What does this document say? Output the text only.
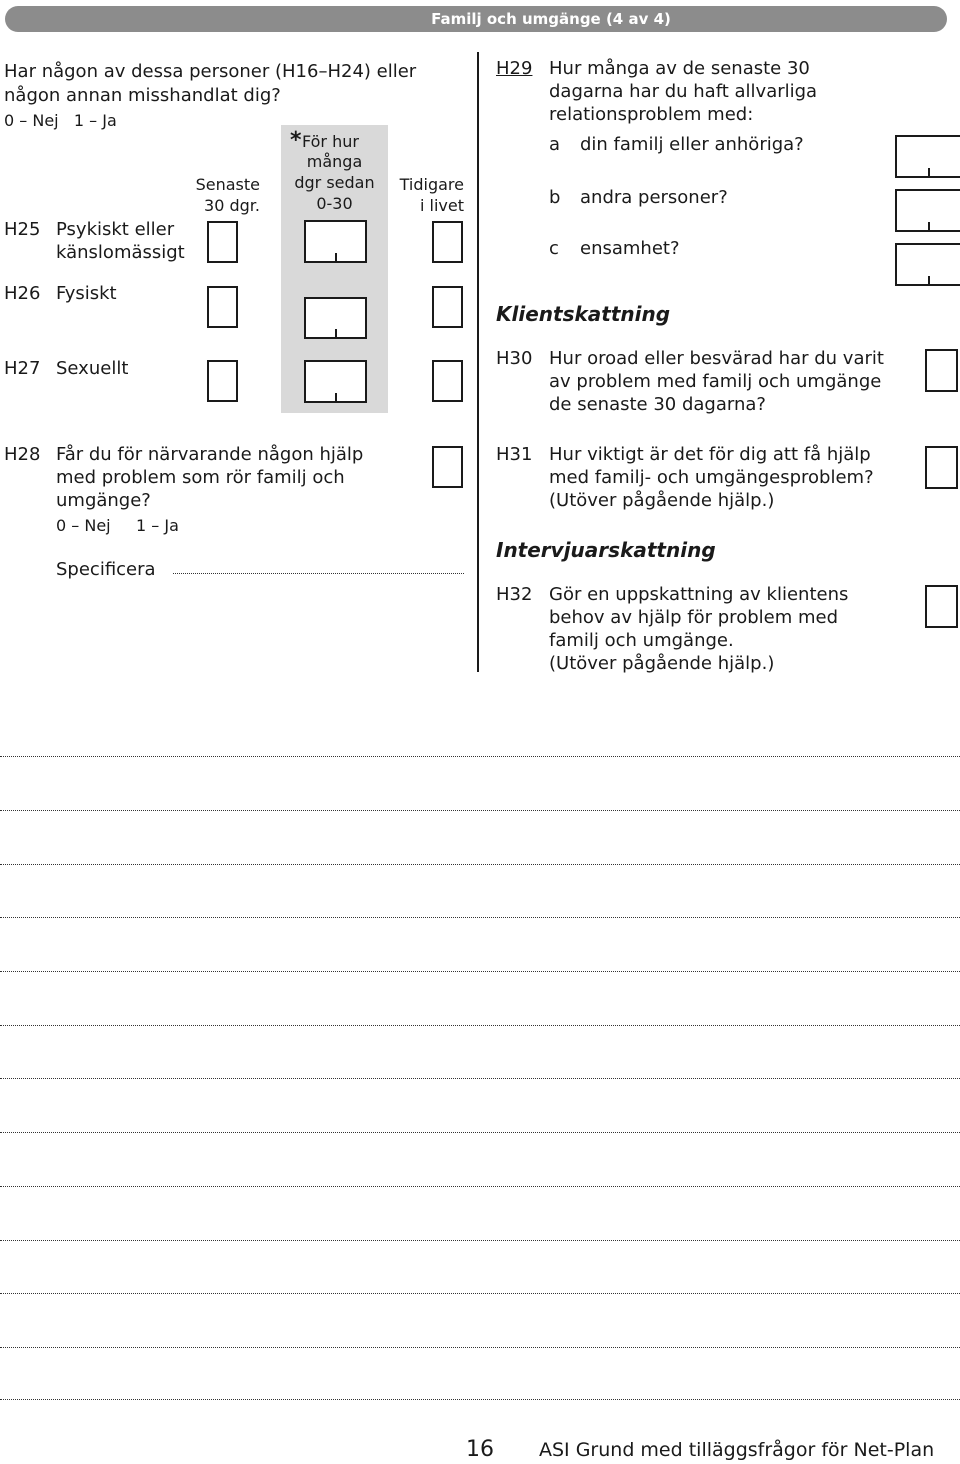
Familj och umgänge (4 av 4)
Har någon av dessa personer (H16–H24) eller
någon annan misshandlat dig?
0 – Nej   1 – Ja
Senaste
30 dgr.
* För hur
många
dgr sedan
0-30
Tidigare
i livet
H25 Psykiskt eller
känslomässigt
H26 Fysiskt
H27 Sexuellt
H28 Får du för närvarande någon hjälp
med problem som rör familj och
umgänge?
0 – Nej     1 – Ja
Specificera
H29 Hur många av de senaste 30
dagarna har du haft allvarliga
relationsproblem med:
a din familj eller anhöriga?
b andra personer?
c ensamhet?
Klientskattning
H30 Hur oroad eller besvärad har du varit
av problem med familj och umgänge
de senaste 30 dagarna?
H31 Hur viktigt är det för dig att få hjälp
med familj- och umgängesproblem?
(Utöver pågående hjälp.)
Intervjuarskattning
H32 Gör en uppskattning av klientens
behov av hjälp för problem med
familj och umgänge.
(Utöver pågående hjälp.)
16 ASI Grund med tilläggsfrågor för Net-Plan
